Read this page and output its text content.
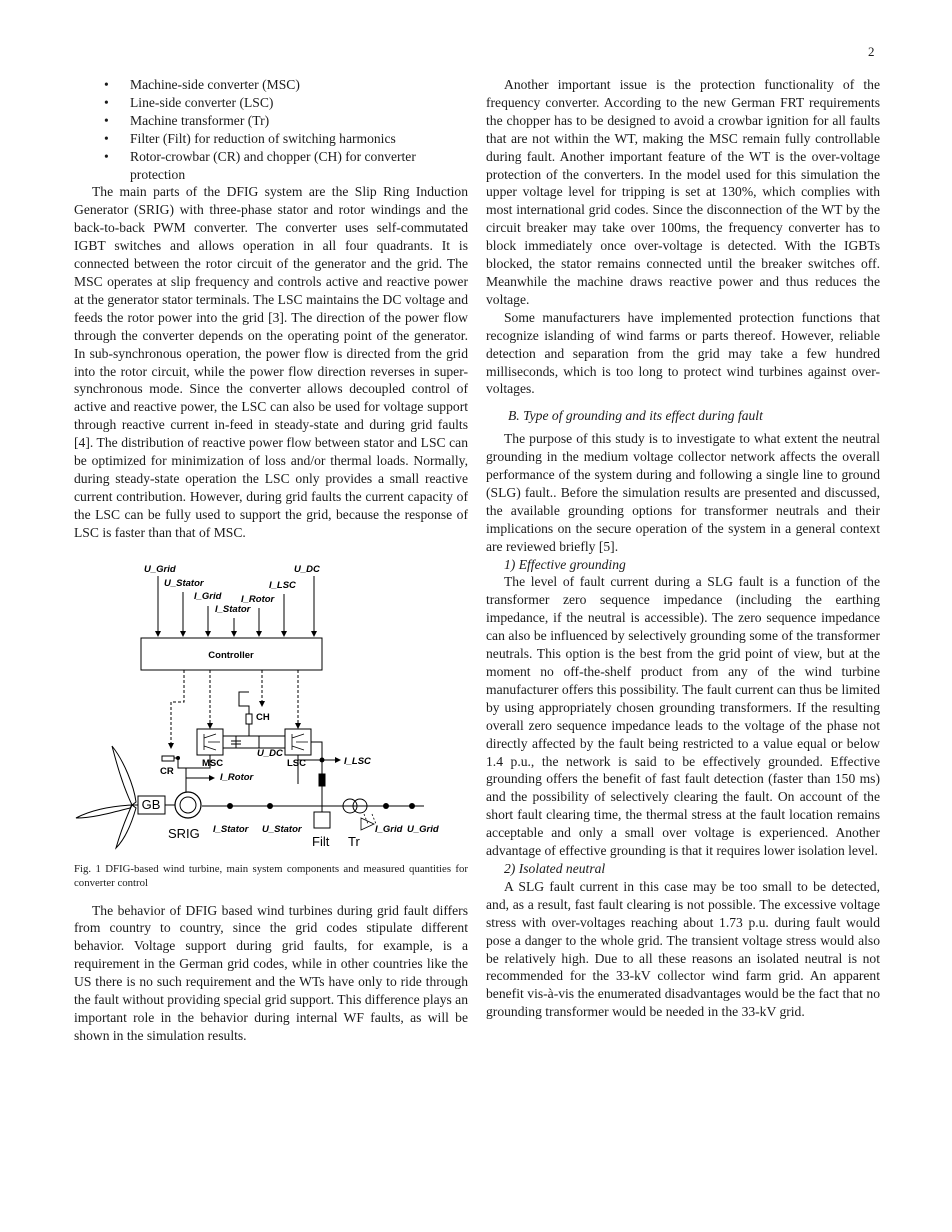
2
• Machine-side converter (MSC)
• Line-side converter (LSC)
• Machine transformer (Tr)
• Filter (Filt) for reduction of switching harmonics
• Rotor-crowbar (CR) and chopper (CH) for converter protection

The main parts of the DFIG system are the Slip Ring Induction Generator (SRIG) with three-phase stator and rotor windings and the back-to-back PWM converter. The converter uses self-commutated IGBT switches and allows operation in all four quadrants. It is connected between the rotor circuit of the generator and the grid. The MSC operates at slip frequency and controls active and reactive power at the generator stator terminals. The LSC maintains the DC voltage and feeds the rotor power into the grid [3]. The direction of the power flow through the converter depends on the operating point of the generator. In sub-synchronous operation, the power flow is directed from the grid into the rotor circuit, while the power flow direction reverses in super-synchronous mode. Since the converter allows decoupled control of active and reactive power, the LSC can also be used for voltage support through reactive current in-feed in steady-state and during grid faults [4]. The distribution of reactive power flow between stator and LSC can be optimized for minimization of loss and/or thermal loads. Normally, during steady-state operation the LSC only provides a small reactive current contribution. However, during grid faults the current capacity of the LSC can be fully used to support the grid, because the response of LSC is faster than that of MSC.

Controller
CH
U_DC
CR
MSC	LSC
I_Rotor
I_LSC
GB
SRIG
Filt Tr
I_Stator U_Stator	I_Grid U_Grid
U_Grid
U_Stator
I_Grid
I_Stator
I_Rotor
I_LSC
U_DC

Fig. 1 DFIG-based wind turbine, main system components and measured quantities for converter control

The behavior of DFIG based wind turbines during grid fault differs from country to country, since the grid codes stipulate different behavior. Voltage support during grid faults, for example, is a requirement in the German grid codes, while in other countries like the US there is no such requirement and the WTs have only to ride through the fault without providing special grid support. This difference plays an important role in the behavior during internal WF faults, as will be shown in the simulation results.

Another important issue is the protection functionality of the frequency converter. According to the new German FRT requirements the chopper has to be designed to avoid a crowbar ignition for all faults that are not within the WT, making the MSC remain fully controllable during fault. Another important feature of the WT is the over-voltage protection of the converters. In the model used for this simulation the upper voltage level for tripping is set at 130%, which complies with most international grid codes. Since the disconnection of the WT by the circuit breaker may take over 100ms, the frequency converter has to block immediately once over-voltage is detected. With the IGBTs blocked, the stator remains connected until the breaker switches off. Meanwhile the machine draws reactive power and thus reduces the voltage.

Some manufacturers have implemented protection functions that recognize islanding of wind farms or parts thereof. However, reliable detection and separation from the grid may take a few hundred milliseconds, which is too long to protect wind turbines against over-voltages.

B. Type of grounding and its effect during fault

The purpose of this study is to investigate to what extent the neutral grounding in the medium voltage collector network affects the overall performance of the system during and following a single line to ground (SLG) fault.. Before the simulation results are presented and discussed, the available grounding options for transformer neutrals and their implications on the secure operation of the system in a general context are reviewed briefly [5].

1) Effective grounding

The level of fault current during a SLG fault is a function of the transformer zero sequence impedance (including the earthing impedance, if the neutral is accessible). The zero sequence impedance can also be influenced by selectively grounding some of the transformer neutrals. This option is the best from the grid point of view, but at the moment no off-the-shelf product from any of the wind turbine manufacturer offers this possibility. The fault current can thus be limited by using appropriately chosen grounding transformers. If the resulting overall zero sequence impedance leads to the voltage of the phase not directly affected by the fault being restricted to a value equal or below 1.4 p.u., the network is said to be effectively grounded. Effective grounding offers the benefit of fast fault detection (faster than 150 ms) and the possibility of selectively clearing the fault. On account of the short fault clearing time, the thermal stress at the fault location remains acceptable and only a small over voltage is experienced. Another advantage of effective grounding is that it requires lower isolation level.

2) Isolated neutral

A SLG fault current in this case may be too small to be detected, and, as a result, fast fault clearing is not possible. The excessive voltage stress with over-voltages reaching about 1.73 p.u. during fault would pose a danger to the whole grid. The transient voltage stress would also be relatively high. Due to all these reasons an isolated neutral is not recommended for the 33-kV collector wind farm grid. An apparent benefit vis-à-vis the enumerated disadvantages would be the fact that no grounding transformer would be needed in the 33-kV grid.
